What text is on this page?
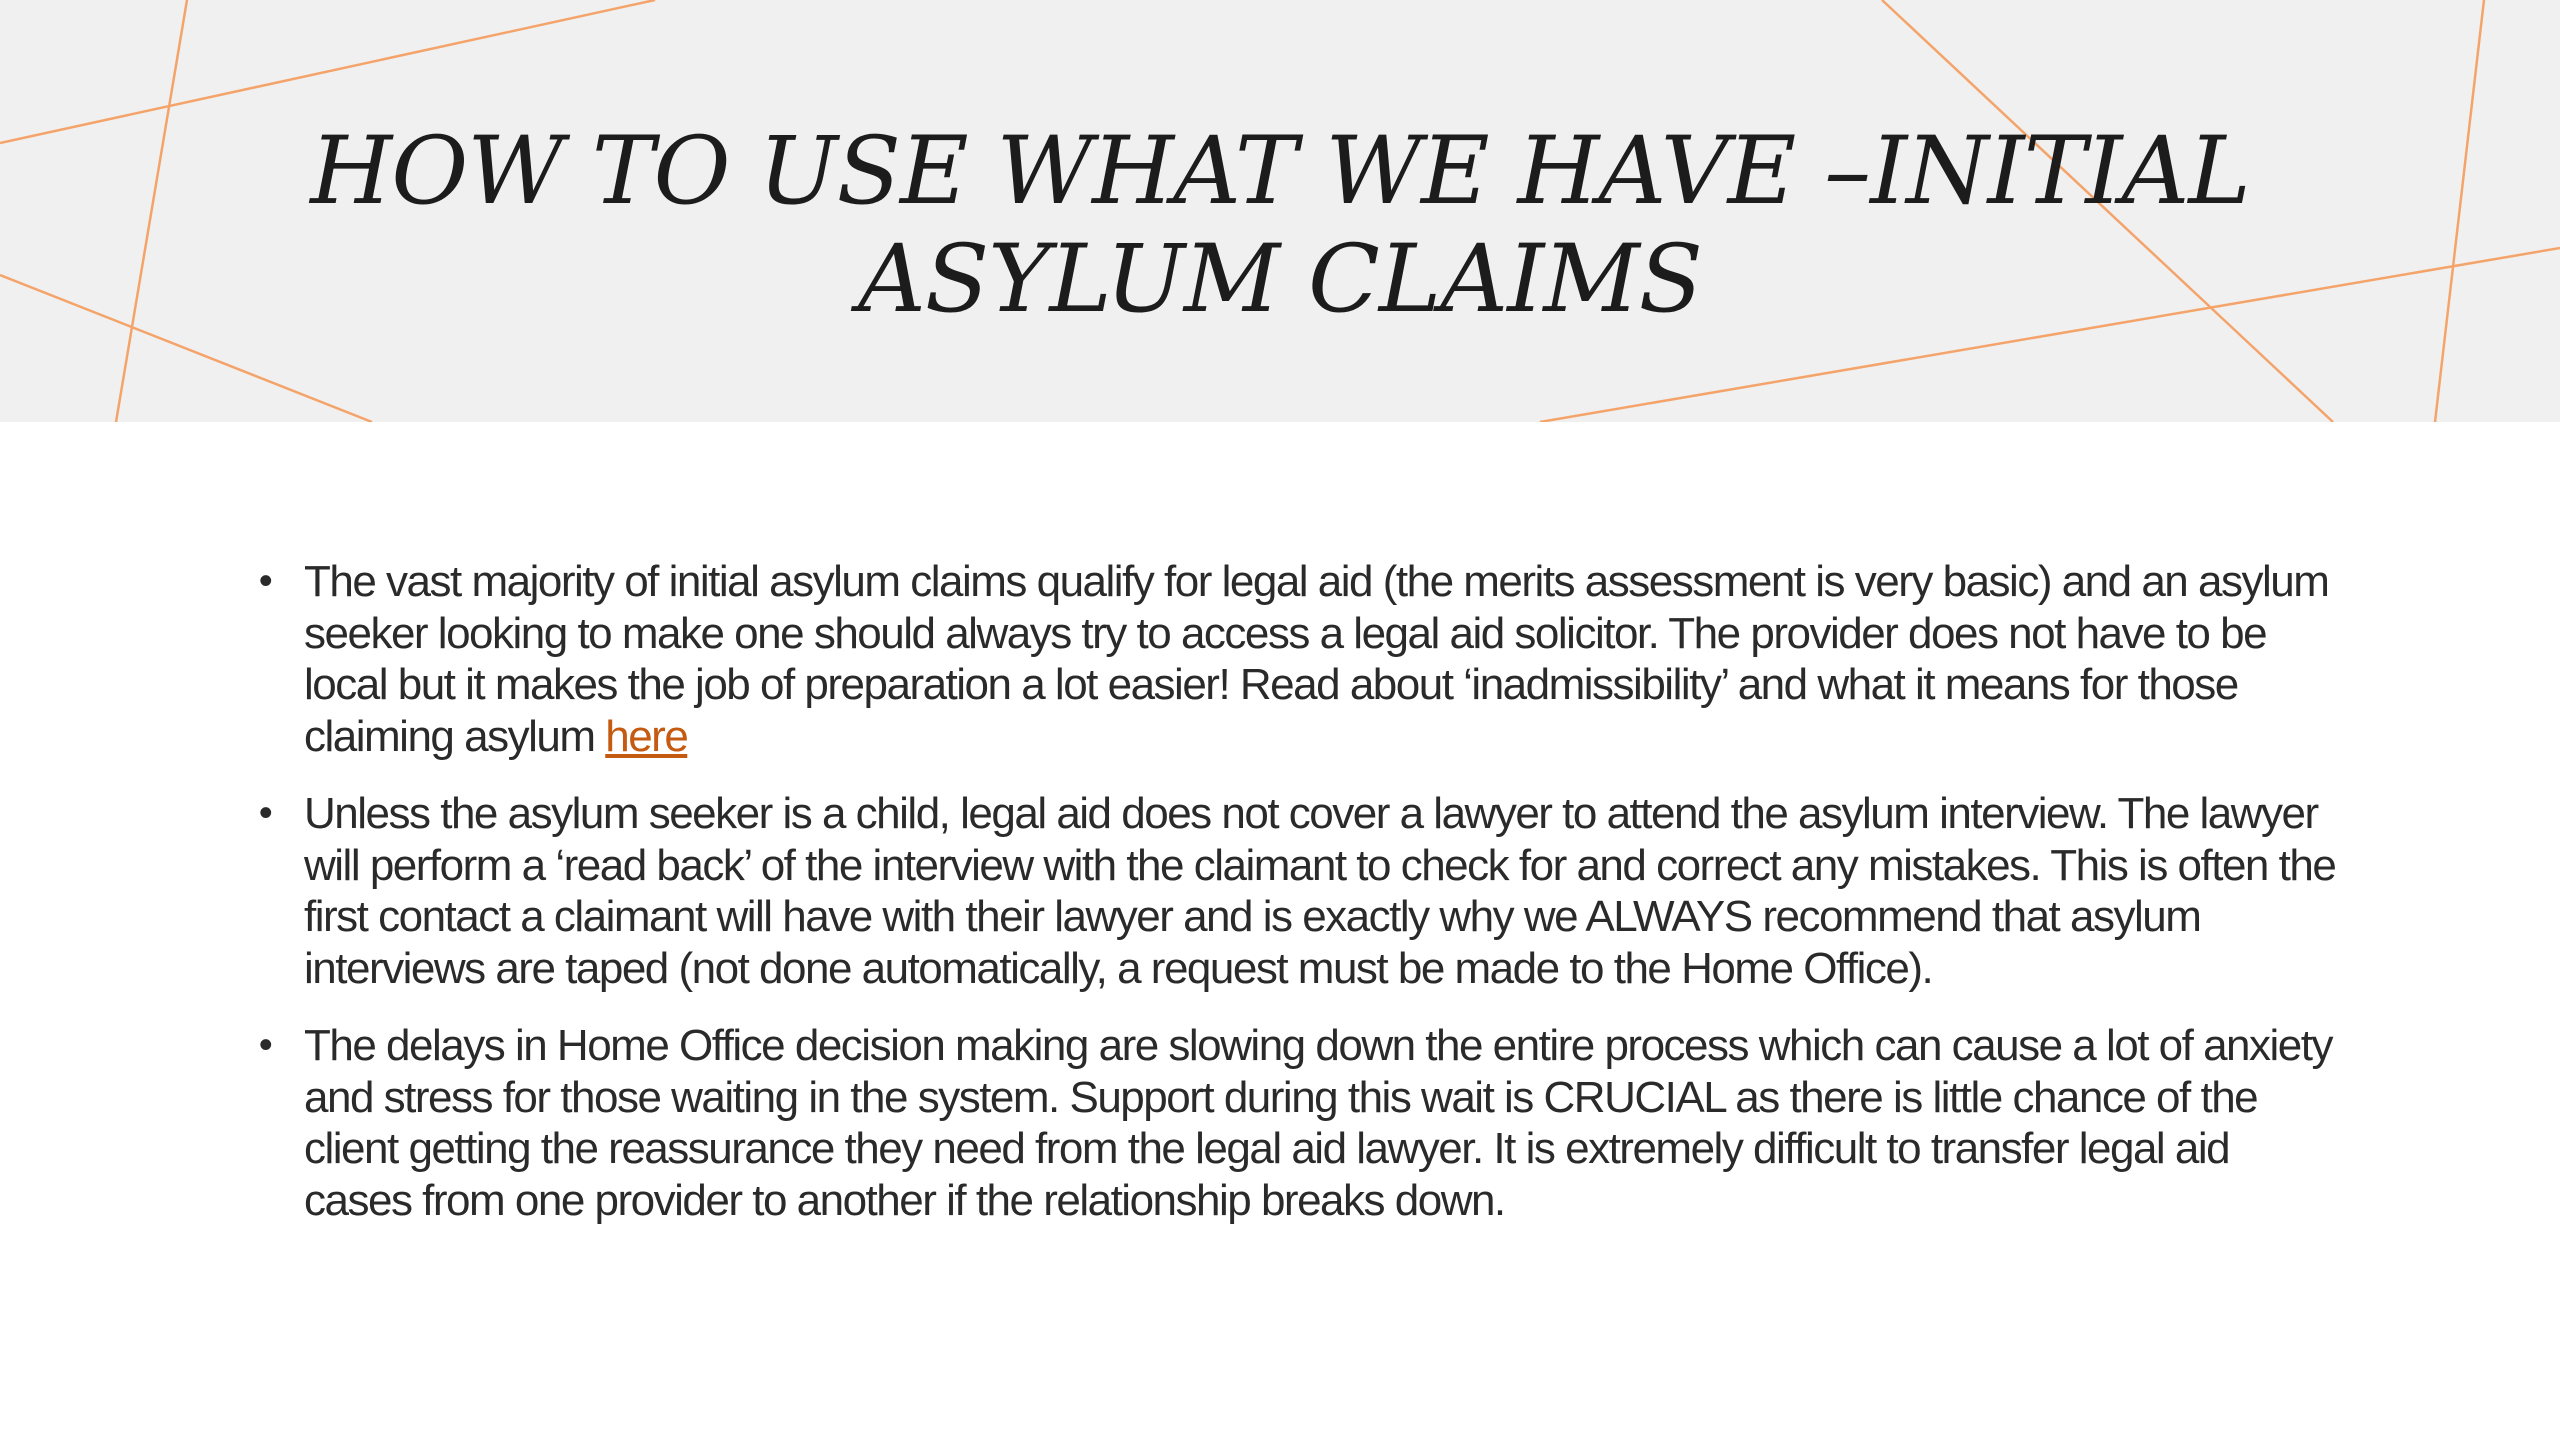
HOW TO USE WHAT WE HAVE –INITIAL ASYLUM CLAIMS
• The vast majority of initial asylum claims qualify for legal aid (the merits assessment is very basic) and an asylum seeker looking to make one should always try to access a legal aid solicitor. The provider does not have to be local but it makes the job of preparation a lot easier! Read about ‘inadmissibility’ and what it means for those claiming asylum here
• Unless the asylum seeker is a child, legal aid does not cover a lawyer to attend the asylum interview. The lawyer will perform a ‘read back’ of the interview with the claimant to check for and correct any mistakes. This is often the first contact a claimant will have with their lawyer and is exactly why we ALWAYS recommend that asylum interviews are taped (not done automatically, a request must be made to the Home Office).
• The delays in Home Office decision making are slowing down the entire process which can cause a lot of anxiety and stress for those waiting in the system. Support during this wait is CRUCIAL as there is little chance of the client getting the reassurance they need from the legal aid lawyer. It is extremely difficult to transfer legal aid cases from one provider to another if the relationship breaks down.
